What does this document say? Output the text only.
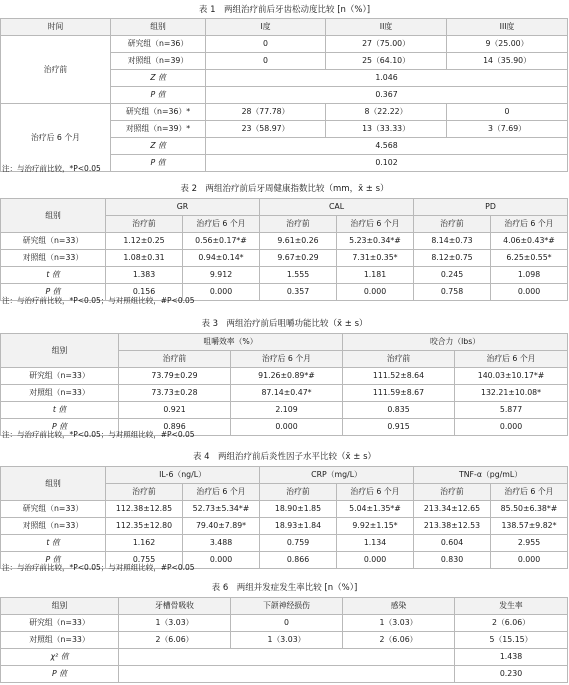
表 1　两组治疗前后牙齿松动度比较 [n（%）]
时间	组别	I度	II度	III度
治疗前	研究组（n=36）	0	27（75.00）	9（25.00）
	对照组（n=39）	0	25（64.10）	14（35.90）
	Z 值	1.046		
	P 值	0.367		
治疗后 6 个月	研究组（n=36）*	28（77.78）	8（22.22）	0
	对照组（n=39）*	23（58.97）	13（33.33）	3（7.69）
	Z 值	4.568		
	P 值	0.102		
注：与治疗前比较，*P<0.05
表 2　两组治疗前后牙周健康指数比较（mm，x̄ ± s）
组别	GR		CAL		PD	
	治疗前	治疗后 6 个月	治疗前	治疗后 6 个月	治疗前	治疗后 6 个月
研究组（n=33）	1.12±0.25	0.56±0.17*#	9.61±0.26	5.23±0.34*#	8.14±0.73	4.06±0.43*#
对照组（n=33）	1.08±0.31	0.94±0.14*	9.67±0.29	7.31±0.35*	8.12±0.75	6.25±0.55*
t 值	1.383	9.912	1.555	1.181	0.245	1.098
P 值	0.156	0.000	0.357	0.000	0.758	0.000
注：与治疗前比较，*P<0.05；与对照组比较，#P<0.05
表 3　两组治疗前后咀嚼功能比较（x̄ ± s）
组别	咀嚼效率（%）		咬合力（lbs）	
	治疗前	治疗后 6 个月	治疗前	治疗后 6 个月
研究组（n=33）	73.79±0.29	91.26±0.89*#	111.52±8.64	140.03±10.17*#
对照组（n=33）	73.73±0.28	87.14±0.47*	111.59±8.67	132.21±10.08*
t 值	0.921	2.109	0.835	5.877
P 值	0.896	0.000	0.915	0.000
注：与治疗前比较，*P<0.05；与对照组比较，#P<0.05
表 4　两组治疗前后炎性因子水平比较（x̄ ± s）
组别	IL-6（ng/L）		CRP（mg/L）		TNF-α（pg/mL）	
	治疗前	治疗后 6 个月	治疗前	治疗后 6 个月	治疗前	治疗后 6 个月
研究组（n=33）	112.38±12.85	52.73±5.34*#	18.90±1.85	5.04±1.35*#	213.34±12.65	85.50±6.38*#
对照组（n=33）	112.35±12.80	79.40±7.89*	18.93±1.84	9.92±1.15*	213.38±12.53	138.57±9.82*
t 值	1.162	3.488	0.759	1.134	0.604	2.955
P 值	0.755	0.000	0.866	0.000	0.830	0.000
注：与治疗前比较，*P<0.05；与对照组比较，#P<0.05
表 6　两组并发症发生率比较 [n（%）]
组别	牙槽骨吸收	下颌神经损伤	感染	发生率
研究组（n=33）	1（3.03）	0	1（3.03）	2（6.06）
对照组（n=33）	2（6.06）	1（3.03）	2（6.06）	5（15.15）
χ² 值				1.438
P 值				0.230
